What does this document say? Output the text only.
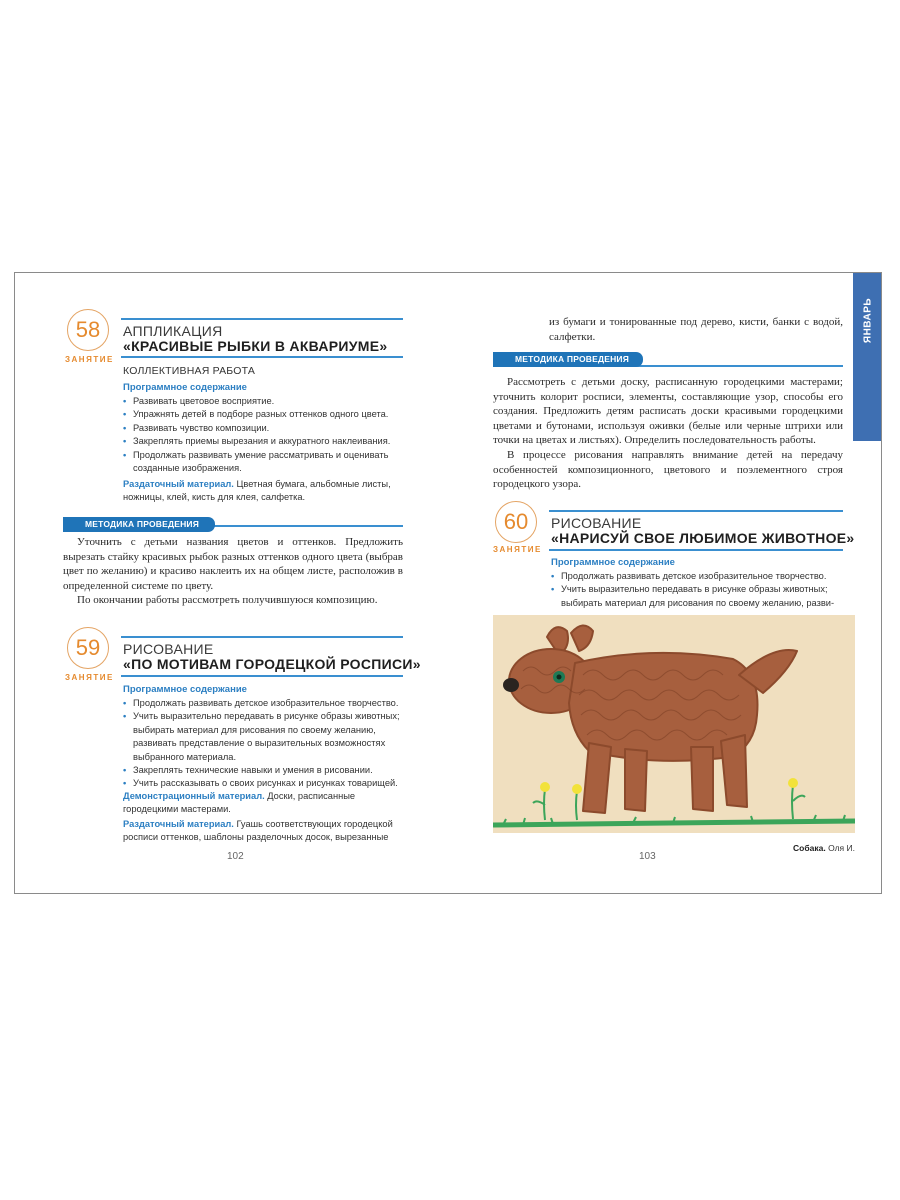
58
ЗАНЯТИЕ
АППЛИКАЦИЯ
«КРАСИВЫЕ РЫБКИ В АКВАРИУМЕ»
КОЛЛЕКТИВНАЯ РАБОТА
Программное содержание
• Развивать цветовое восприятие.
• Упражнять детей в подборе разных оттенков одного цвета.
• Развивать чувство композиции.
• Закреплять приемы вырезания и аккуратного наклеивания.
• Продолжать развивать умение рассматривать и оценивать созданные изображения.

Раздаточный материал. Цветная бумага, альбомные листы, ножницы, клей, кисть для клея, салфетка.

МЕТОДИКА ПРОВЕДЕНИЯ

Уточнить с детьми названия цветов и оттенков. Предложить вырезать стайку красивых рыбок разных оттенков одного цвета (выбрав цвет по желанию) и красиво наклеить их на общем листе, расположив в определенной системе по цвету.

По окончании работы рассмотреть получившуюся композицию.

59
ЗАНЯТИЕ
РИСОВАНИЕ
«ПО МОТИВАМ ГОРОДЕЦКОЙ РОСПИСИ»
Программное содержание
• Продолжать развивать детское изобразительное творчество.
• Учить выразительно передавать в рисунке образы животных; выбирать материал для рисования по своему желанию, развивать представление о выразительных возможностях выбранного материала.
• Закреплять технические навыки и умения в рисовании.
• Учить рассказывать о своих рисунках и рисунках товарищей.

Демонстрационный материал. Доски, расписанные городецкими мастерами.

Раздаточный материал. Гуашь соответствующих городецкой росписи оттенков, шаблоны разделочных досок, вырезанные

102
ЯНВАРЬ

из бумаги и тонированные под дерево, кисти, банки с водой, салфетки.

МЕТОДИКА ПРОВЕДЕНИЯ

Рассмотреть с детьми доску, расписанную городецкими мастерами; уточнить колорит росписи, элементы, составляющие узор, способы его создания. Предложить детям расписать доски красивыми городецкими цветами и бутонами, используя оживки (белые или черные штрихи или точки на цветах и листьях). Определить последовательность работы.

В процессе рисования направлять внимание детей на передачу особенностей композиционного, цветового и поэлементного строя городецкого узора.

60
ЗАНЯТИЕ
РИСОВАНИЕ
«НАРИСУЙ СВОЕ ЛЮБИМОЕ ЖИВОТНОЕ»
Программное содержание
• Продолжать развивать детское изобразительное творчество.
• Учить выразительно передавать в рисунке образы животных; выбирать материал для рисования по своему желанию, разви-
Собака. Оля И.
103
